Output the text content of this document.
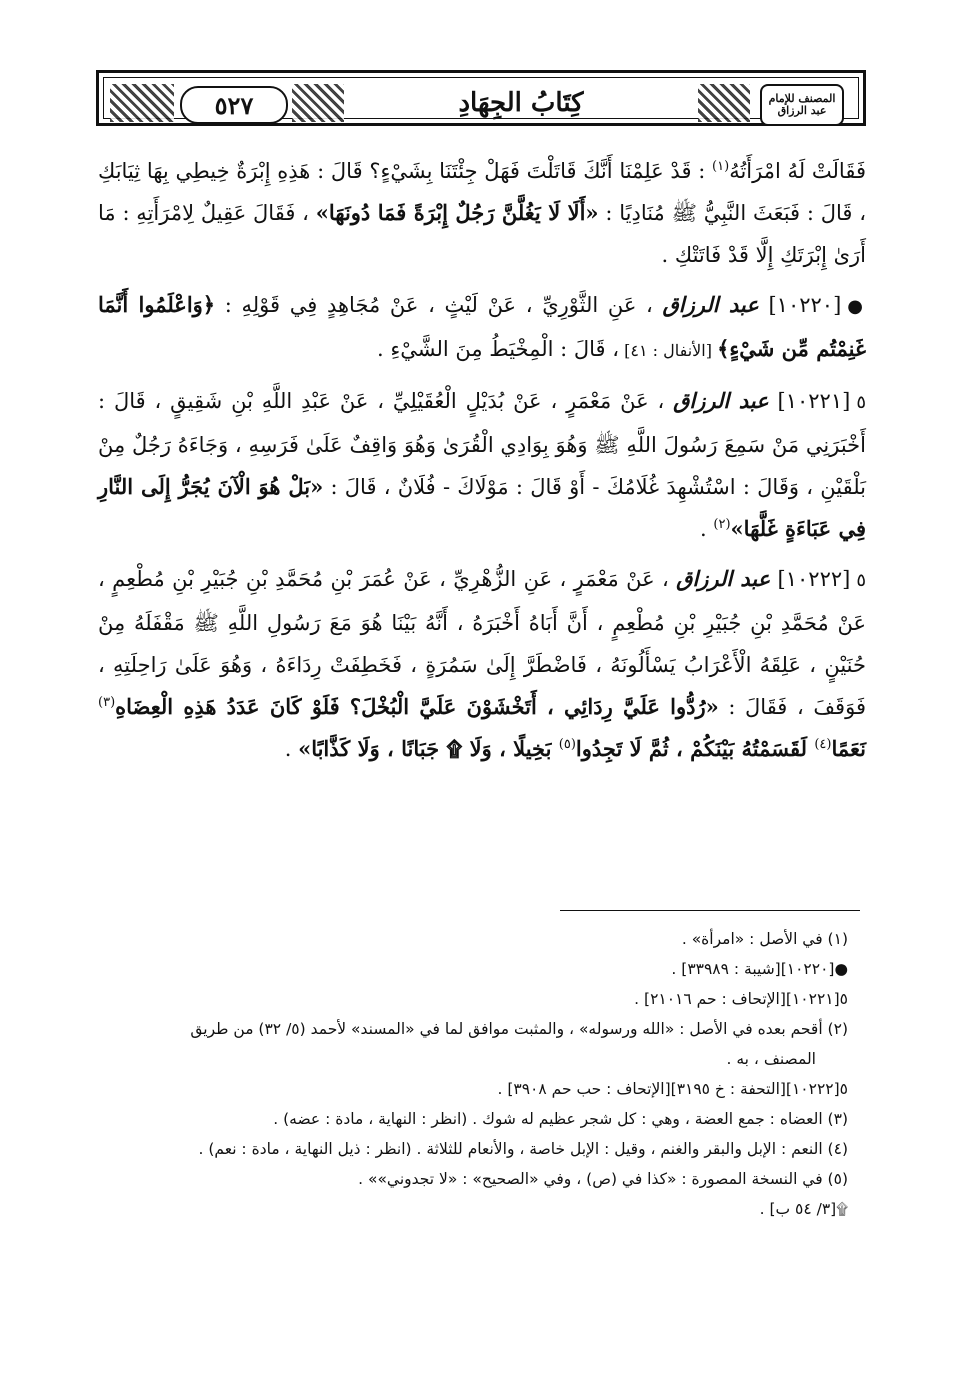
٥٢٧	كِتَابُ الجِهَادِ	المصنف للإمام عبد الرزاق

فَقَالَتْ لَهُ امْرَأَتُهُ$^{(١)}$ : قَدْ عَلِمْنَا أَنَّكَ قَاتَلْتَ فَهَلْ جِئْتَنَا بِشَيْءٍ؟ قَالَ : هَذِهِ إِبْرَةٌ خِيطِي بِهَا ثِيَابَكِ ، قَالَ : فَبَعَثَ النَّبِيُّ ﷺ مُنَادِيًا : «أَلَا لَا يَغُلَّنَّ رَجُلٌ إِبْرَةً فَمَا دُونَهَا» ، فَقَالَ عَقِيلٌ لِامْرَأَتِهِ : مَا أَرَىٰ إِبْرَتَكِ إِلَّا قَدْ فَاتَتْكِ .

●[١٠٢٢٠] عبد الرزاق ، عَنِ الثَّوْرِيِّ ، عَنْ لَيْثٍ ، عَنْ مُجَاهِدٍ فِي قَوْلِهِ : ﴿وَاعْلَمُوا أَنَّمَا غَنِمْتُم مِّن شَيْءٍ﴾ [الأنفال : ٤١] ، قَالَ : الْمِخْيَطُ مِنَ الشَّيْءِ .

٥[١٠٢٢١] عبد الرزاق ، عَنْ مَعْمَرٍ ، عَنْ بُدَيْلٍ الْعُقَيْلِيِّ ، عَنْ عَبْدِ اللَّهِ بْنِ شَقِيقٍ ، قَالَ : أَخْبَرَنِي مَنْ سَمِعَ رَسُولَ اللَّهِ ﷺ وَهُوَ بِوَادِي الْقُرَىٰ وَهُوَ وَاقِفٌ عَلَىٰ فَرَسِهِ ، وَجَاءَهُ رَجُلٌ مِنْ بَلْقَيْنِ ، وَقَالَ : اسْتُشْهِدَ غُلَامُكَ - أَوْ قَالَ : مَوْلَاكَ - فُلَانٌ ، قَالَ : «بَلْ هُوَ الْآنَ يُجَرُّ إِلَى النَّارِ فِي عَبَاءَةٍ غَلَّهَا»$^{(٢)}$ .

٥[١٠٢٢٢] عبد الرزاق ، عَنْ مَعْمَرٍ ، عَنِ الزُّهْرِيِّ ، عَنْ عُمَرَ بْنِ مُحَمَّدِ بْنِ جُبَيْرِ بْنِ مُطْعِمٍ ، عَنْ مُحَمَّدِ بْنِ جُبَيْرِ بْنِ مُطْعِمٍ ، أَنَّ أَبَاهُ أَخْبَرَهُ ، أَنَّهُ بَيْنَا هُوَ مَعَ رَسُولِ اللَّهِ ﷺ مَقْفَلَهُ مِنْ حُنَيْنٍ ، عَلِقَهُ الْأَعْرَابُ يَسْأَلُونَهُ ، فَاضْطَرَّ إِلَىٰ سَمُرَةٍ ، فَخَطِفَتْ رِدَاءَهُ ، وَهُوَ عَلَىٰ رَاحِلَتِهِ ، فَوَقَفَ ، فَقَالَ : «رُدُّوا عَلَيَّ رِدَائِي ، أَتَخْشَوْنَ عَلَيَّ الْبُخْلَ؟ فَلَوْ كَانَ عَدَدُ هَذِهِ الْعِضَاهِ$^{(٣)}$ نَعَمًا$^{(٤)}$ لَقَسَمْتُهُ بَيْنَكُمْ ، ثُمَّ لَا تَجِدُوا$^{(٥)}$ بَخِيلًا ، وَلَا ۩ جَبَانًا ، وَلَا كَذَّابًا» .

(١) في الأصل : «امرأة» .

●[١٠٢٢٠][شيبة : ٣٣٩٨٩] .

٥[١٠٢٢١][الإتحاف : حم ٢١٠١٦] .

(٢) أقحم بعده في الأصل : «الله ورسوله» ، والمثبت موافق لما في «المسند» لأحمد (٥/ ٣٢) من طريق

المصنف ، به .

٥[١٠٢٢٢][التحفة : خ ٣١٩٥][الإتحاف : حب حم ٣٩٠٨] .

(٣) العضاه : جمع العضة ، وهي : كل شجر عظيم له شوك . (انظر : النهاية ، مادة : عضه) .

(٤) النعم : الإبل والبقر والغنم ، وقيل : الإبل خاصة ، والأنعام للثلاثة . (انظر : ذيل النهاية ، مادة : نعم) .

(٥) في النسخة المصورة : «كذا في (ص) ، وفي «الصحيح» : «لا تجدوني»» .

۩[٣/ ٥٤ ب] .
